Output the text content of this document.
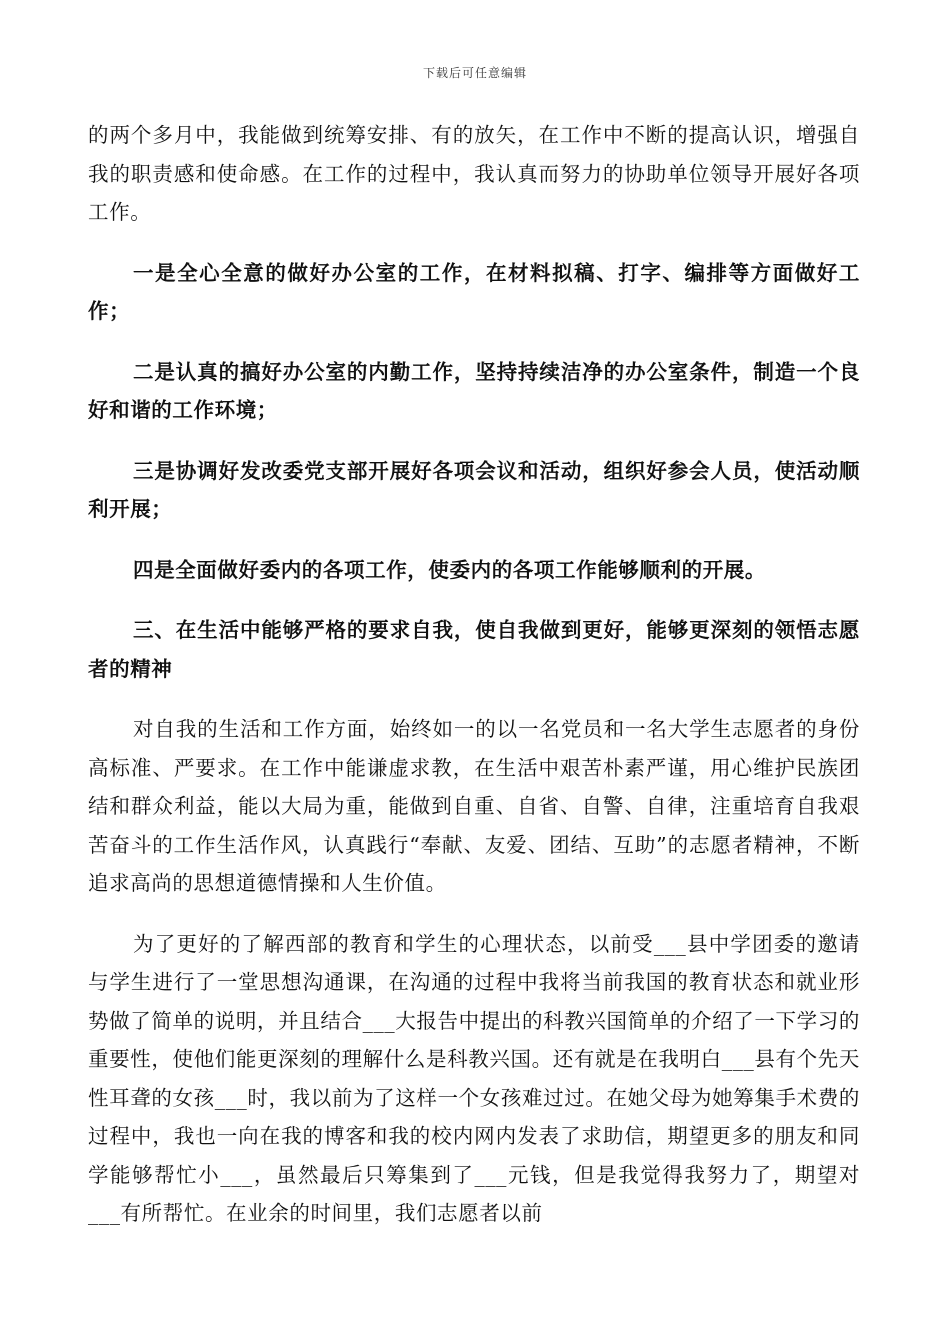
下载后可任意编辑

的两个多月中，我能做到统筹安排、有的放矢，在工作中不断的提高认识，增强自我的职责感和使命感。在工作的过程中，我认真而努力的协助单位领导开展好各项工作。

一是全心全意的做好办公室的工作，在材料拟稿、打字、编排等方面做好工作；

二是认真的搞好办公室的内勤工作，坚持持续洁净的办公室条件，制造一个良好和谐的工作环境；

三是协调好发改委党支部开展好各项会议和活动，组织好参会人员，使活动顺利开展；

四是全面做好委内的各项工作，使委内的各项工作能够顺利的开展。

三、在生活中能够严格的要求自我，使自我做到更好，能够更深刻的领悟志愿者的精神

对自我的生活和工作方面，始终如一的以一名党员和一名大学生志愿者的身份高标准、严要求。在工作中能谦虚求教，在生活中艰苦朴素严谨，用心维护民族团结和群众利益，能以大局为重，能做到自重、自省、自警、自律，注重培育自我艰苦奋斗的工作生活作风，认真践行“奉献、友爱、团结、互助”的志愿者精神，不断追求高尚的思想道德情操和人生价值。

为了更好的了解西部的教育和学生的心理状态，以前受___县中学团委的邀请与学生进行了一堂思想沟通课，在沟通的过程中我将当前我国的教育状态和就业形势做了简单的说明，并且结合___大报告中提出的科教兴国简单的介绍了一下学习的重要性，使他们能更深刻的理解什么是科教兴国。还有就是在我明白___县有个先天性耳聋的女孩___时，我以前为了这样一个女孩难过过。在她父母为她筹集手术费的过程中，我也一向在我的博客和我的校内网内发表了求助信，期望更多的朋友和同学能够帮忙小___，虽然最后只筹集到了___元钱，但是我觉得我努力了，期望对___有所帮忙。在业余的时间里，我们志愿者以前
